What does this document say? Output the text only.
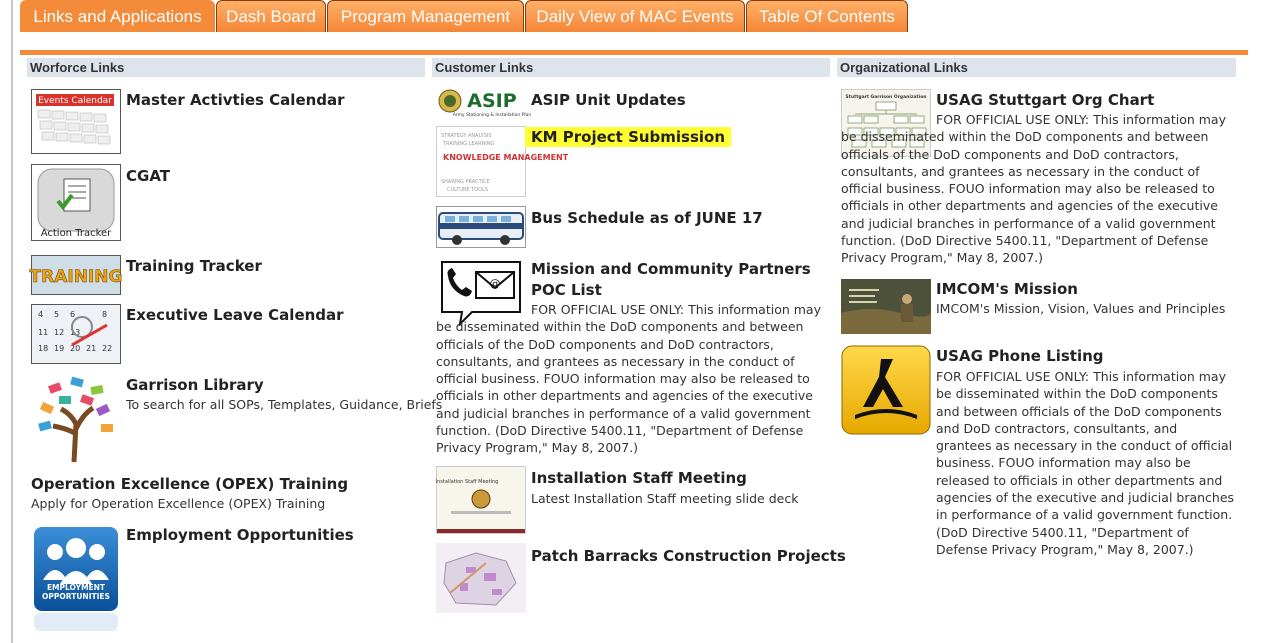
Links and Applications	Dash Board	Program Management	Daily View of MAC Events	Table Of Contents
Worforce Links	Customer Links	Organizational Links
Events Calendar Master Activties Calendar
Action Tracker
CGAT
TRAINING
Training Tracker
4 5 6	8
11 12 13
18 19 20 21 22
Executive Leave Calendar
Garrison Library
To search for all SOPs, Templates, Guidance, Briefs
Operation Excellence (OPEX) Training
Apply for Operation Excellence (OPEX) Training
EMPLOYMENT OPPORTUNITIES
Employment Opportunities
ASIP
Army Stationing & Installation Plan
ASIP Unit Updates
STRATEGY ANALYSIS
TRAINING LEARNING
SHARING PRACTICE
CULTURE TOOLS
KNOWLEDGE MANAGEMENT
KM Project Submission
Bus Schedule as of JUNE 17
@
Mission and Community Partners POC List
FOR OFFICIAL USE ONLY: This information may be disseminated within the DoD components and between officials of the DoD components and DoD contractors, consultants, and grantees as necessary in the conduct of official business. FOUO information may also be released to officials in other departments and agencies of the executive and judicial branches in performance of a valid government function. (DoD Directive 5400.11, "Department of Defense Privacy Program," May 8, 2007.)
Installation Staff Meeting Installation Staff Meeting
Latest Installation Staff meeting slide deck
Patch Barracks Construction Projects
Stuttgart Garrison Organization USAG Stuttgart Org Chart
FOR OFFICIAL USE ONLY: This information may be disseminated within the DoD components and between officials of the DoD components and DoD contractors, consultants, and grantees as necessary in the conduct of official business. FOUO information may also be released to officials in other departments and agencies of the executive and judicial branches in performance of a valid government function. (DoD Directive 5400.11, "Department of Defense Privacy Program," May 8, 2007.)
IMCOM's Mission
IMCOM's Mission, Vision, Values and Principles
USAG Phone Listing
FOR OFFICIAL USE ONLY: This information may be disseminated within the DoD components and between officials of the DoD components and DoD contractors, consultants, and grantees as necessary in the conduct of official business. FOUO information may also be released to officials in other departments and agencies of the executive and judicial branches in performance of a valid government function. (DoD Directive 5400.11, "Department of Defense Privacy Program," May 8, 2007.)
